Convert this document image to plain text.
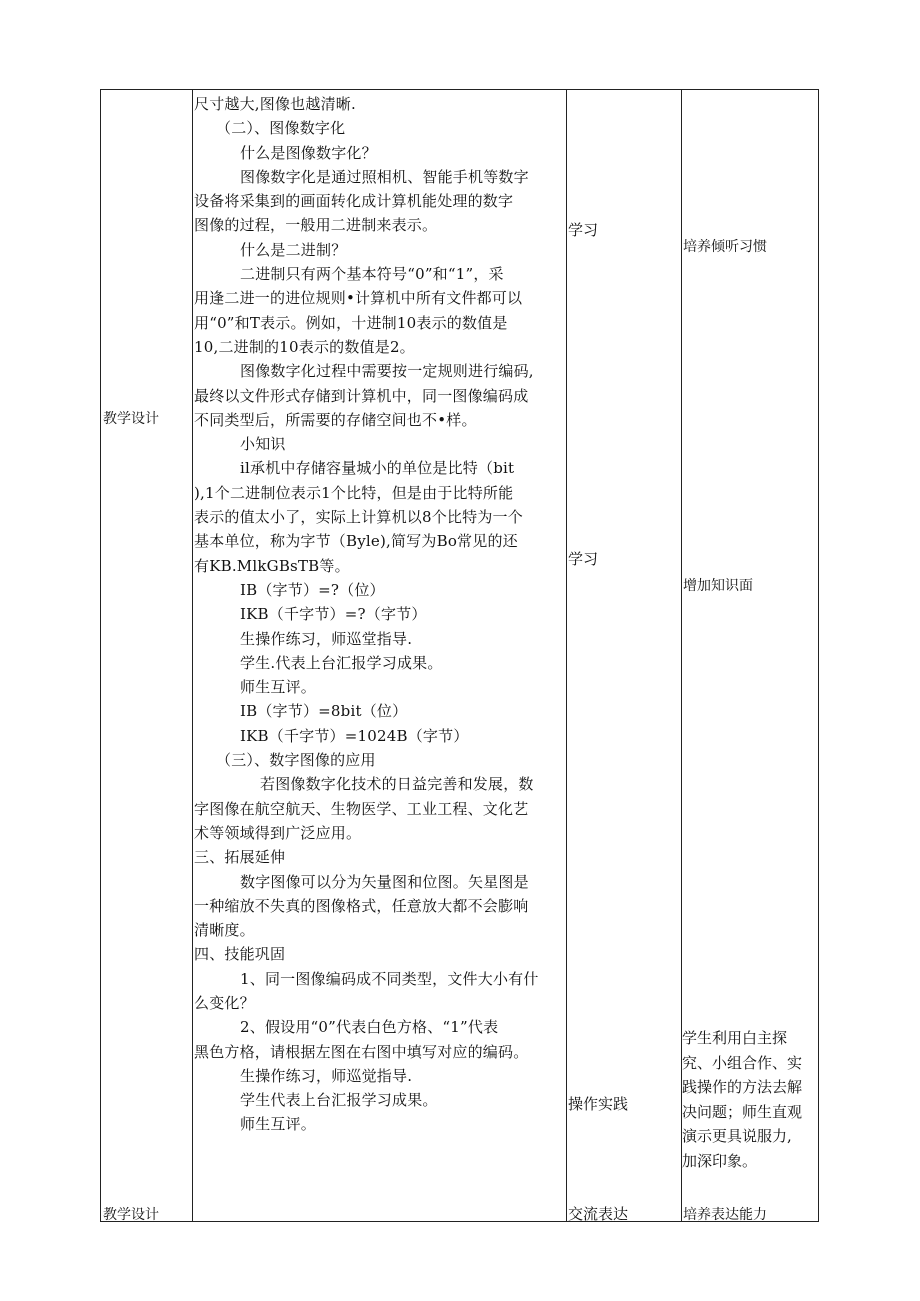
教学设计
教学设计

尺寸越大,图像也越清晰.

（二）、图像数字化

什么是图像数字化？

图像数字化是通过照相机、智能手机等数字

设备将采集到的画面转化成计算机能处理的数字

图像的过程，一般用二进制来表示。

什么是二进制？

二进制只有两个基本符号“0”和“1”，采

用逢二进一的进位规则•计算机中所有文件都可以

用“0”和T表示。例如，十进制10表示的数值是

10,二进制的10表示的数值是2。

图像数字化过程中需要按一定规则进行编码,

最终以文件形式存储到计算机中，同一图像编码成

不同类型后，所需要的存储空间也不•样。

小知识

il承机中存储容量城小的单位是比特（bit

),1个二进制位表示1个比特，但是由于比特所能

表示的值太小了，实际上计算机以8个比特为一个

基本单位，称为字节（Byle),简写为Bo常见的还

有KB.MlkGBsTB等。

IB（字节）=?（位）

IKB（千字节）=?（字节）

生操作练习，师巡堂指导.

学生.代表上台汇报学习成果。

师生互评。

IB（字节）=8bit（位）

IKB（千字节）=1024B（字节）

（三）、数字图像的应用

若图像数字化技术的日益完善和发展，数

字图像在航空航天、生物医学、工业工程、文化艺

术等领域得到广泛应用。

三、拓展延伸

数字图像可以分为矢量图和位图。矢星图是

一种缩放不失真的图像格式，任意放大都不会膨响

清晰度。

四、技能巩固

1、同一图像编码成不同类型，文件大小有什

么变化？

2、假设用“0”代表白色方格、“1”代表

黑色方格，请根据左图在右图中填写对应的编码。

生操作练习，师巡觉指导.

学生代表上台汇报学习成果。

师生互评。

学习
学习
操作实践
交流表达
培养倾听习惯
增加知识面

学生利用白主探

究、小组合作、实

践操作的方法去解

决问题；师生直观

演示更具说服力,

加深印象。

培养表达能力
